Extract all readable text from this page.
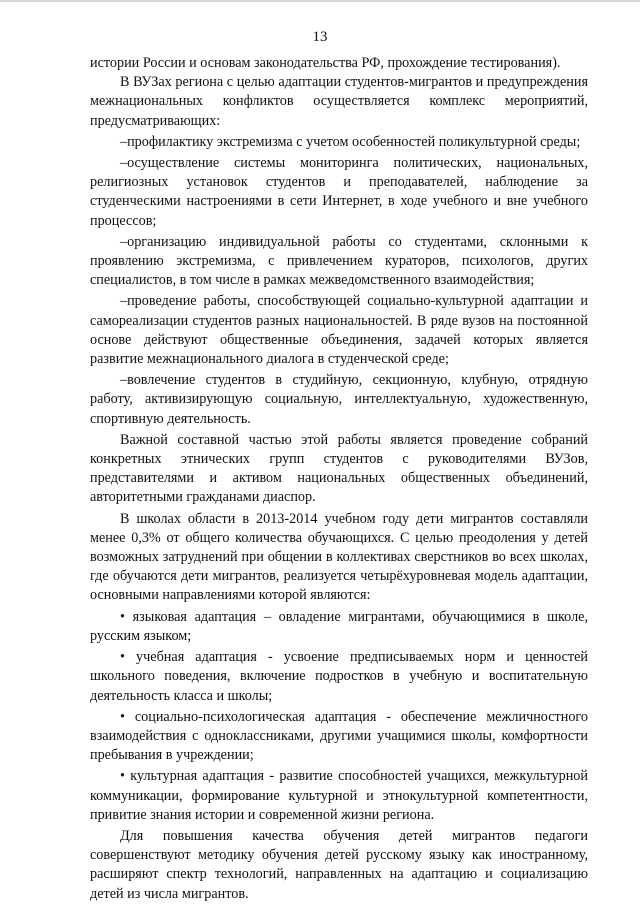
13

истории России и основам законодательства РФ, прохождение тестирования).

В ВУЗах региона с целью адаптации студентов-мигрантов и предупреждения межнациональных конфликтов осуществляется комплекс мероприятий, предусматривающих:

–профилактику экстремизма с учетом особенностей поликультурной среды;

–осуществление системы мониторинга политических, национальных, религиозных установок студентов и преподавателей, наблюдение за студенческими настроениями в сети Интернет, в ходе учебного и вне учебного процессов;

–организацию индивидуальной работы со студентами, склонными к проявлению экстремизма, с привлечением кураторов, психологов, других специалистов, в том числе в рамках межведомственного взаимодействия;

–проведение работы, способствующей социально-культурной адаптации и самореализации студентов разных национальностей. В ряде вузов на постоянной основе действуют общественные объединения, задачей которых является развитие межнационального диалога в студенческой среде;

–вовлечение студентов в студийную, секционную, клубную, отрядную работу, активизирующую социальную, интеллектуальную, художественную, спортивную деятельность.

Важной составной частью этой работы является проведение собраний конкретных этнических групп студентов с руководителями ВУЗов, представителями и активом национальных общественных объединений, авторитетными гражданами диаспор.

В школах области в 2013-2014 учебном году дети мигрантов составляли менее 0,3% от общего количества обучающихся. С целью преодоления у детей возможных затруднений при общении в коллективах сверстников во всех школах, где обучаются дети мигрантов, реализуется четырёхуровневая модель адаптации, основными направлениями которой являются:

• языковая адаптация – овладение мигрантами, обучающимися в школе, русским языком;

• учебная адаптация - усвоение предписываемых норм и ценностей школьного поведения, включение подростков в учебную и воспитательную деятельность класса и школы;

• социально-психологическая адаптация - обеспечение межличностного взаимодействия с одноклассниками, другими учащимися школы, комфортности пребывания в учреждении;

• культурная адаптация - развитие способностей учащихся, межкультурной коммуникации, формирование культурной и этнокультурной компетентности, привитие знания истории и современной жизни региона.

Для повышения качества обучения детей мигрантов педагоги совершенствуют методику обучения детей русскому языку как иностранному, расширяют спектр технологий, направленных на адаптацию и социализацию детей из числа мигрантов.
